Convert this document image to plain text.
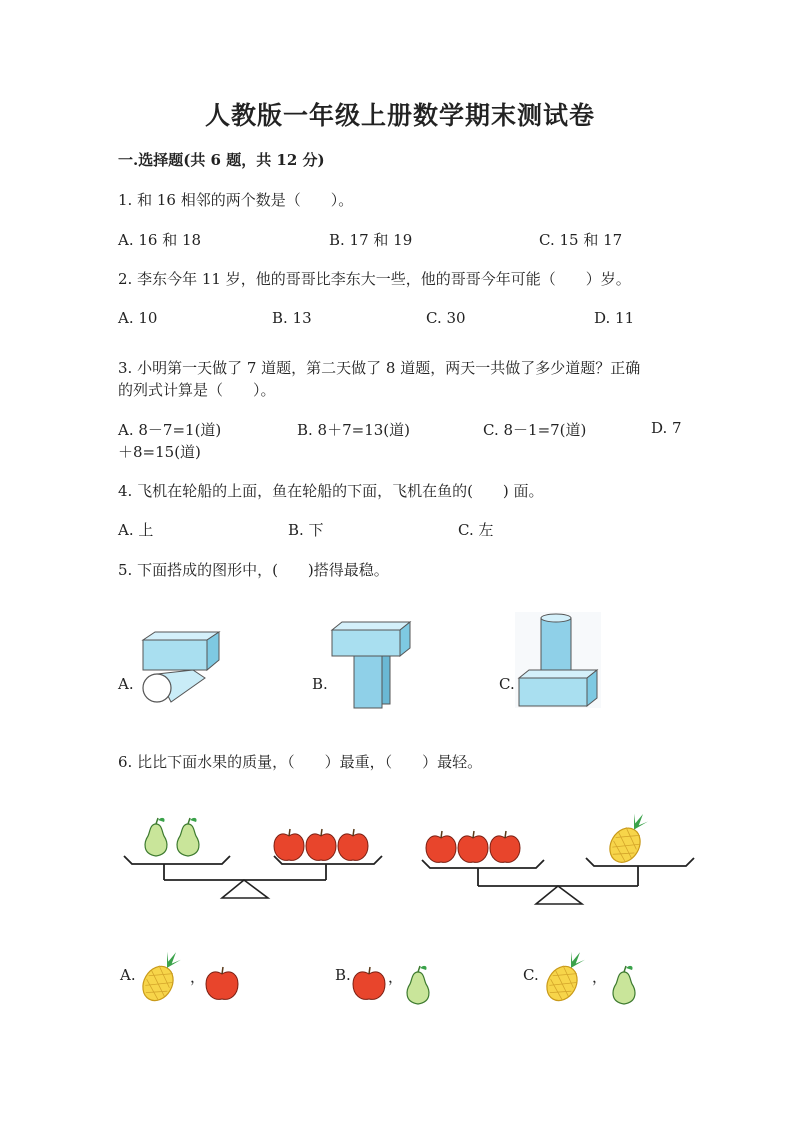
人教版一年级上册数学期末测试卷
一.选择题(共 6 题，共 12 分)
1. 和 16 相邻的两个数是（　　）。
A. 16 和 18	B. 17 和 19	C. 15 和 17
2. 李东今年 11 岁，他的哥哥比李东大一些，他的哥哥今年可能（　　）岁。
A. 10	B. 13	C. 30	D. 11
3. 小明第一天做了 7 道题，第二天做了 8 道题，两天一共做了多少道题？正确
的列式计算是（　　）。
A. 8－7=1(道)	B. 8＋7=13(道)	C. 8－1=7(道)	D. 7
＋8=15(道)
4. 飞机在轮船的上面，鱼在轮船的下面，飞机在鱼的(　　) 面。
A. 上	B. 下	C. 左
5. 下面搭成的图形中，(　　)搭得最稳。
A.	B.	C.
6. 比比下面水果的质量，（　　）最重，（　　）最轻。
A.	，	B. ，	C.	，
